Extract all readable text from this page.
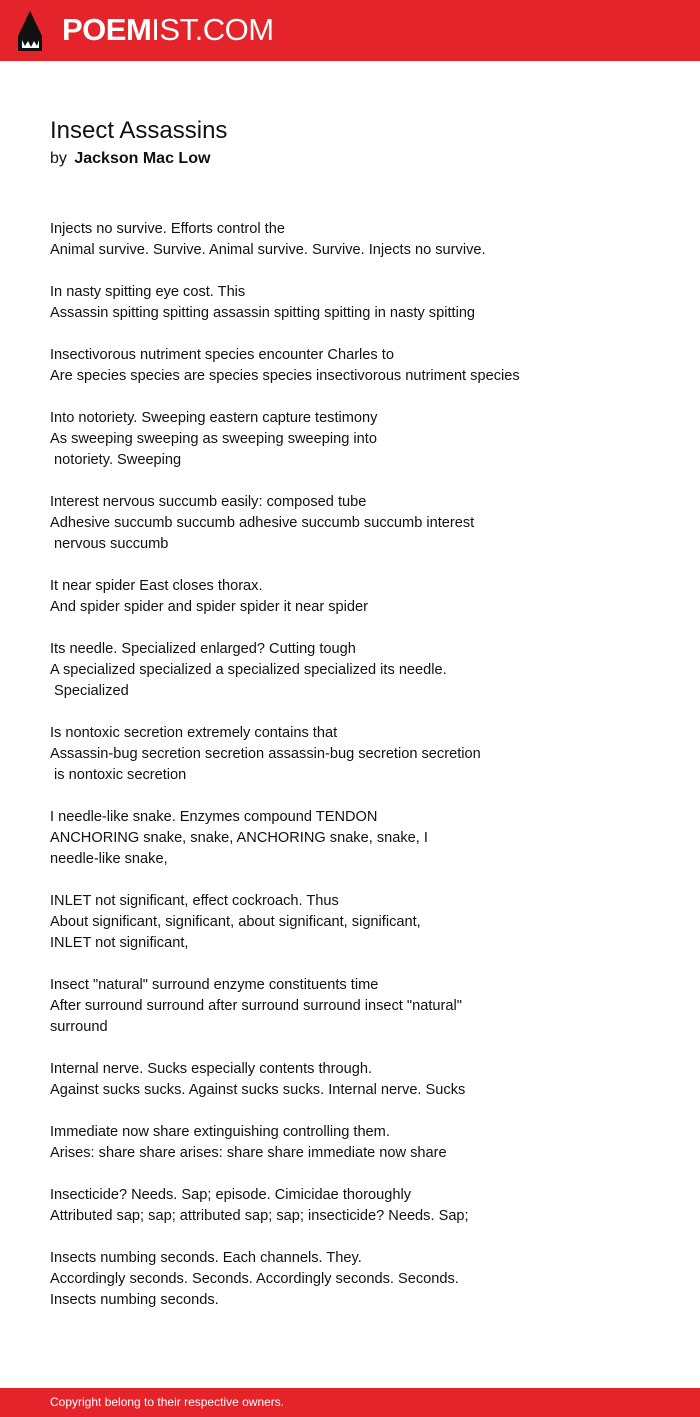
POEMIST.COM
Insect Assassins
by Jackson Mac Low
Injects no survive. Efforts control the
Animal survive. Survive. Animal survive. Survive. Injects no survive.
In nasty spitting eye cost. This
Assassin spitting spitting assassin spitting spitting in nasty spitting
Insectivorous nutriment species encounter Charles to
Are species species are species species insectivorous nutriment species
Into notoriety. Sweeping eastern capture testimony
As sweeping sweeping as sweeping sweeping into
notoriety. Sweeping
Interest nervous succumb easily: composed tube
Adhesive succumb succumb adhesive succumb succumb interest
nervous succumb
It near spider East closes thorax.
And spider spider and spider spider it near spider
Its needle. Specialized enlarged? Cutting tough
A specialized specialized a specialized specialized its needle.
Specialized
Is nontoxic secretion extremely contains that
Assassin-bug secretion secretion assassin-bug secretion secretion
is nontoxic secretion
I needle-like snake. Enzymes compound TENDON
ANCHORING snake, snake, ANCHORING snake, snake, I
needle-like snake,
INLET not significant, effect cockroach. Thus
About significant, significant, about significant, significant,
INLET not significant,
Insect "natural" surround enzyme constituents time
After surround surround after surround surround insect "natural"
surround
Internal nerve. Sucks especially contents through.
Against sucks sucks. Against sucks sucks. Internal nerve. Sucks
Immediate now share extinguishing controlling them.
Arises: share share arises: share share immediate now share
Insecticide? Needs. Sap; episode. Cimicidae thoroughly
Attributed sap; sap; attributed sap; sap; insecticide? Needs. Sap;
Insects numbing seconds. Each channels. They.
Accordingly seconds. Seconds. Accordingly seconds. Seconds.
Insects numbing seconds.
Copyright belong to their respective owners.
